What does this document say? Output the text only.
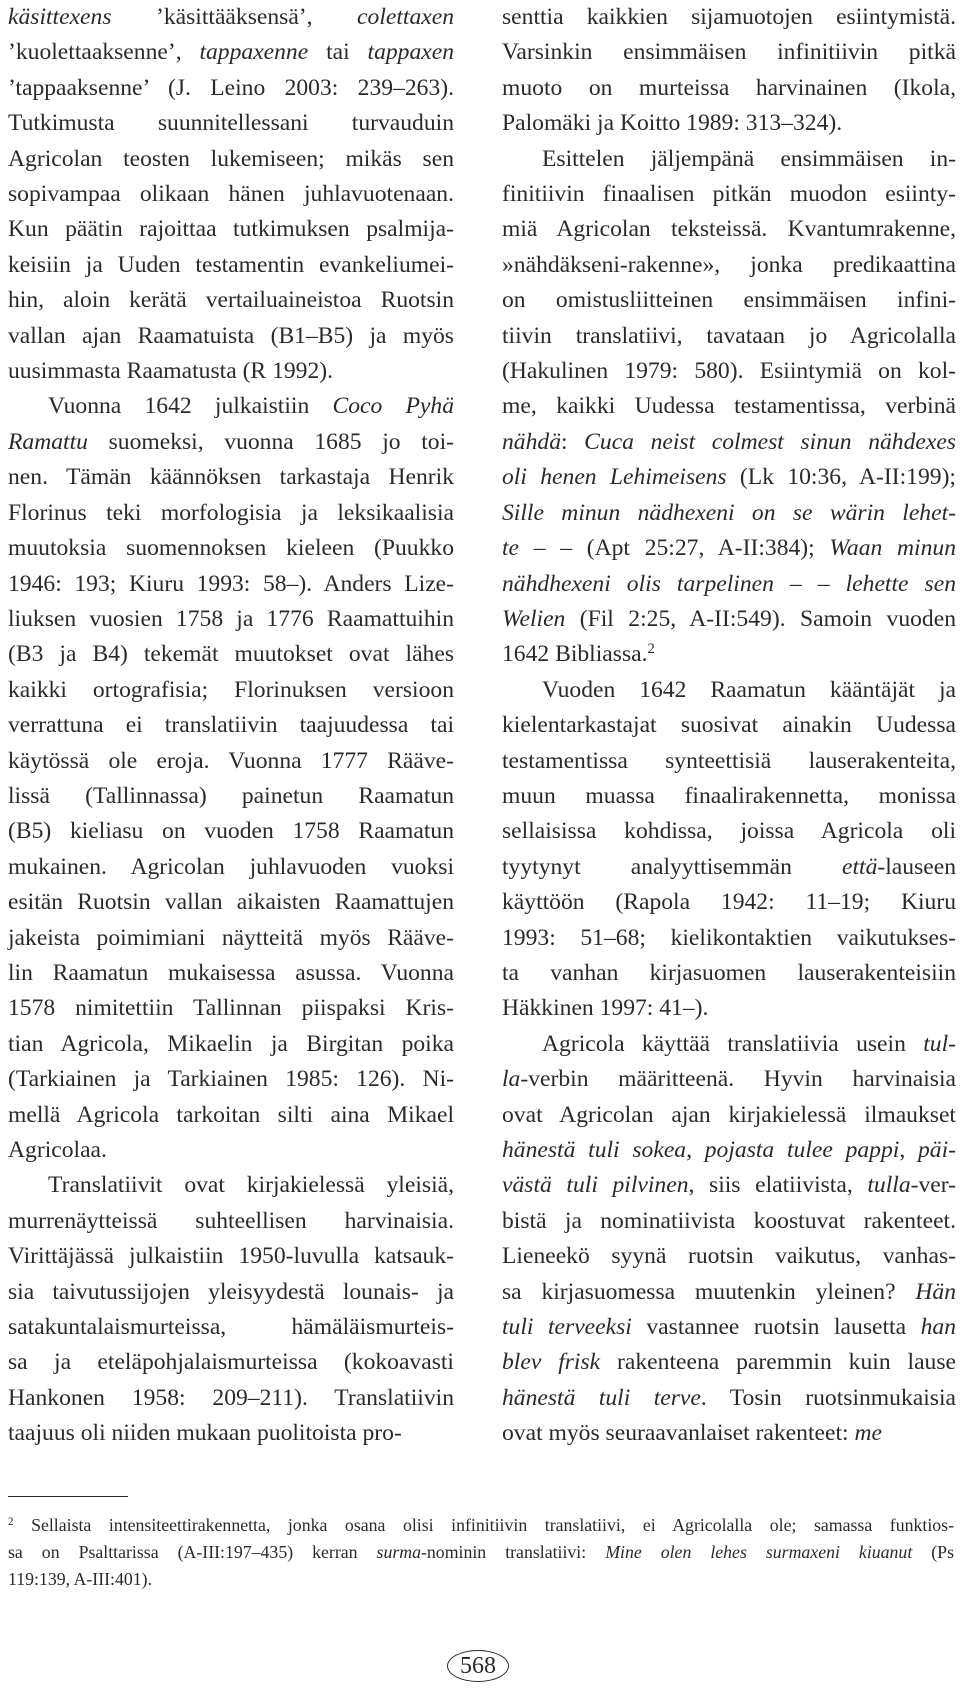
käsittexens ’käsittääksensä’, colettaxen
’kuolettaaksenne’, tappaxenne tai tappaxen
’tappaaksenne’ (J. Leino 2003: 239–263).
Tutkimusta suunnitellessani turvauduin
Agricolan teosten lukemiseen; mikäs sen
sopivampaa olikaan hänen juhlavuotenaan.
Kun päätin rajoittaa tutkimuksen psalmija-
keisiin ja Uuden testamentin evankeliumei-
hin, aloin kerätä vertailuaineistoa Ruotsin
vallan ajan Raamatuista (B1–B5) ja myös
uusimmasta Raamatusta (R 1992).
Vuonna 1642 julkaistiin Coco Pyhä
Ramattu suomeksi, vuonna 1685 jo toi-
nen. Tämän käännöksen tarkastaja Henrik
Florinus teki morfologisia ja leksikaalisia
muutoksia suomennoksen kieleen (Puukko
1946: 193; Kiuru 1993: 58–). Anders Lize-
liuksen vuosien 1758 ja 1776 Raamattuihin
(B3 ja B4) tekemät muutokset ovat lähes
kaikki ortografisia; Florinuksen versioon
verrattuna ei translatiivin taajuudessa tai
käytössä ole eroja. Vuonna 1777 Rääve-
lissä (Tallinnassa) painetun Raamatun
(B5) kieliasu on vuoden 1758 Raamatun
mukainen. Agricolan juhlavuoden vuoksi
esitän Ruotsin vallan aikaisten Raamattujen
jakeista poimimiani näytteitä myös Rääve-
lin Raamatun mukaisessa asussa. Vuonna
1578 nimitettiin Tallinnan piispaksi Kris-
tian Agricola, Mikaelin ja Birgitan poika
(Tarkiainen ja Tarkiainen 1985: 126). Ni-
mellä Agricola tarkoitan silti aina Mikael
Agricolaa.
Translatiivit ovat kirjakielessä yleisiä,
murrenäytteissä suhteellisen harvinaisia.
Virittäjässä julkaistiin 1950-luvulla katsauk-
sia taivutussijojen yleisyydestä lounais- ja
satakuntalaismurteissa, hämäläismurteis-
sa ja eteläpohjalaismurteissa (kokoavasti
Hankonen 1958: 209–211). Translatiivin
taajuus oli niiden mukaan puolitoista pro-
senttia kaikkien sijamuotojen esiintymistä.
Varsinkin ensimmäisen infinitiivin pitkä
muoto on murteissa harvinainen (Ikola,
Palomäki ja Koitto 1989: 313–324).
Esittelen jäljempänä ensimmäisen in-
finitiivin finaalisen pitkän muodon esiinty-
miä Agricolan teksteissä. Kvantumrakenne,
»nähdäkseni-rakenne», jonka predikaattina
on omistusliitteinen ensimmäisen infini-
tiivin translatiivi, tavataan jo Agricolalla
(Hakulinen 1979: 580). Esiintymiä on kol-
me, kaikki Uudessa testamentissa, verbinä
nähdä: Cuca neist colmest sinun nähdexes
oli henen Lehimeisens (Lk 10:36, A-II:199);
Sille minun nädhexeni on se wärin lehet-
te – – (Apt 25:27, A-II:384); Waan minun
nähdhexeni olis tarpelinen – – lehette sen
Welien (Fil 2:25, A-II:549). Samoin vuoden
1642 Bibliassa.$^2$
Vuoden 1642 Raamatun kääntäjät ja
kielentarkastajat suosivat ainakin Uudessa
testamentissa synteettisiä lauserakenteita,
muun muassa finaalirakennetta, monissa
sellaisissa kohdissa, joissa Agricola oli
tyytynyt analyyttisemmän että-lauseen
käyttöön (Rapola 1942: 11–19; Kiuru
1993: 51–68; kielikontaktien vaikutukses-
ta vanhan kirjasuomen lauserakenteisiin
Häkkinen 1997: 41–).
Agricola käyttää translatiivia usein tul-
la-verbin määritteenä. Hyvin harvinaisia
ovat Agricolan ajan kirjakielessä ilmaukset
hänestä tuli sokea, pojasta tulee pappi, päi-
västä tuli pilvinen, siis elatiivista, tulla-ver-
bistä ja nominatiivista koostuvat rakenteet.
Lieneekö syynä ruotsin vaikutus, vanhas-
sa kirjasuomessa muutenkin yleinen? Hän
tuli terveeksi vastannee ruotsin lausetta han
blev frisk rakenteena paremmin kuin lause
hänestä tuli terve. Tosin ruotsinmukaisia
ovat myös seuraavanlaiset rakenteet: me
$^2$ Sellaista intensiteettirakennetta, jonka osana olisi infinitiivin translatiivi, ei Agricolalla ole; samassa funktios-
sa on Psalttarissa (A-III:197–435) kerran surma-nominin translatiivi: Mine olen lehes surmaxeni kiuanut (Ps
119:139, A-III:401).
568
